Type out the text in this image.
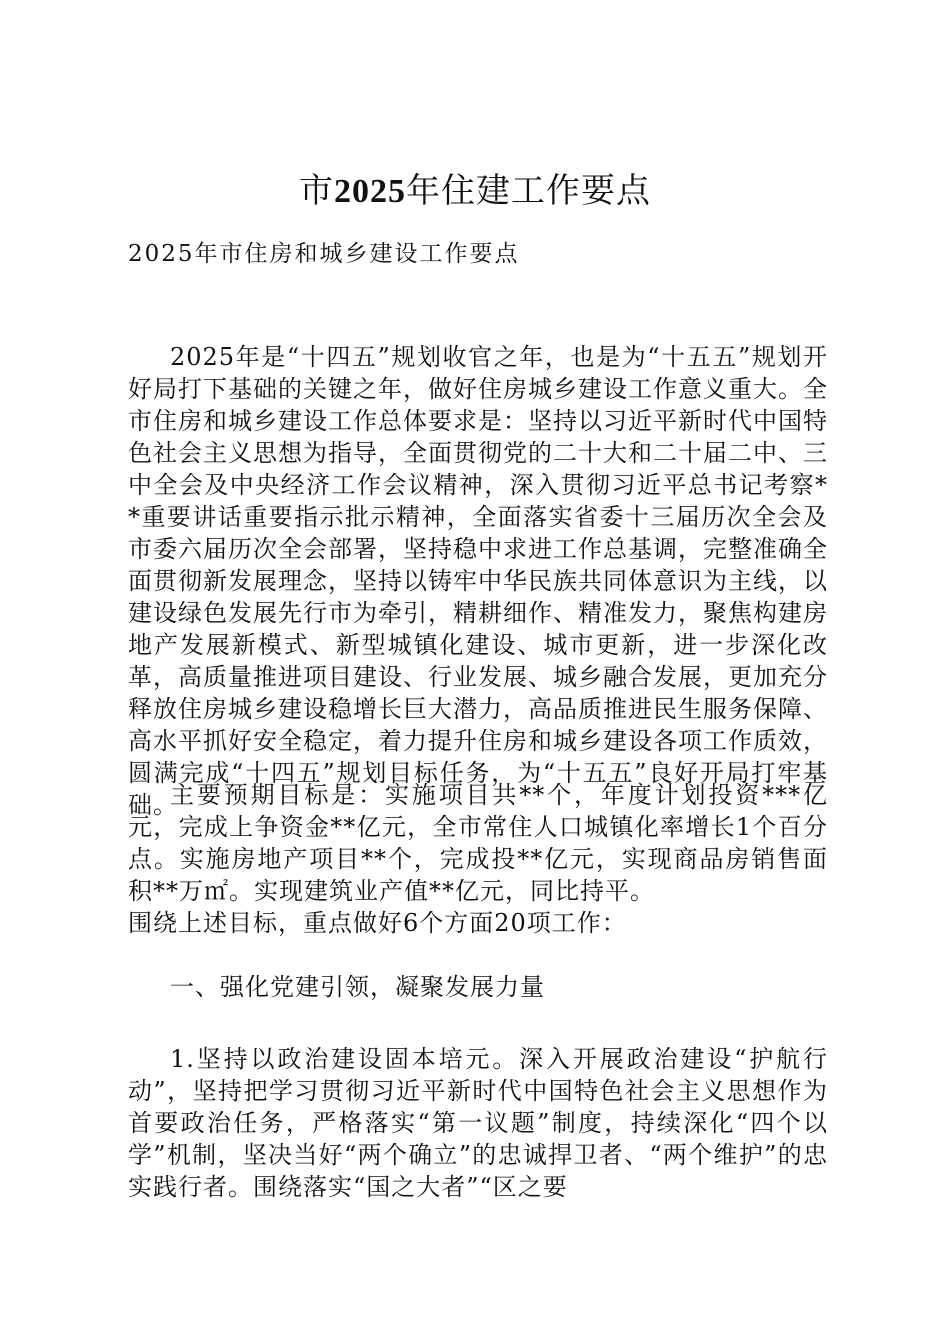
市2025年住建工作要点

2025年市住房和城乡建设工作要点

2025年是“十四五”规划收官之年，也是为“十五五”规划开好局打下基础的关键之年，做好住房城乡建设工作意义重大。全市住房和城乡建设工作总体要求是：坚持以习近平新时代中国特色社会主义思想为指导，全面贯彻党的二十大和二十届二中、三中全会及中央经济工作会议精神，深入贯彻习近平总书记考察**重要讲话重要指示批示精神，全面落实省委十三届历次全会及市委六届历次全会部署，坚持稳中求进工作总基调，完整准确全面贯彻新发展理念，坚持以铸牢中华民族共同体意识为主线，以建设绿色发展先行市为牵引，精耕细作、精准发力，聚焦构建房地产发展新模式、新型城镇化建设、城市更新，进一步深化改革，高质量推进项目建设、行业发展、城乡融合发展，更加充分释放住房城乡建设稳增长巨大潜力，高品质推进民生服务保障、高水平抓好安全稳定，着力提升住房和城乡建设各项工作质效，圆满完成“十四五”规划目标任务，为“十五五”良好开局打牢基础。

主要预期目标是：实施项目共**个，年度计划投资***亿元，完成上争资金**亿元，全市常住人口城镇化率增长1个百分点。实施房地产项目**个，完成投**亿元，实现商品房销售面积**万㎡。实现建筑业产值**亿元，同比持平。

围绕上述目标，重点做好6个方面20项工作：

一、强化党建引领，凝聚发展力量

1.坚持以政治建设固本培元。深入开展政治建设“护航行动”，坚持把学习贯彻习近平新时代中国特色社会主义思想作为首要政治任务，严格落实“第一议题”制度，持续深化“四个以学”机制，坚决当好“两个确立”的忠诚捍卫者、“两个维护”的忠实践行者。围绕落实“国之大者”“区之要
